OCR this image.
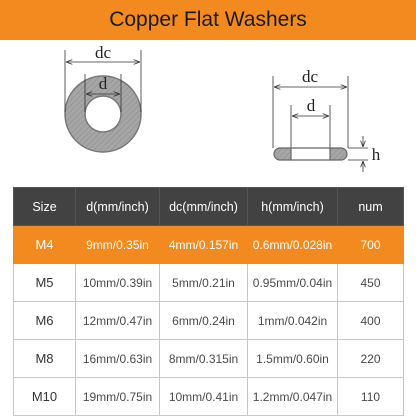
Copper Flat Washers
dc
d	dc
d
h
Size	d(mm/inch)	dc(mm/inch)	h(mm/inch)	num
M4	9mm/0.35in	4mm/0.157in	0.6mm/0.028in	700
M5	10mm/0.39in	5mm/0.21in	0.95mm/0.04in	450
M6	12mm/0.47in	6mm/0.24in	1mm/0.042in	400
M8	16mm/0.63in	8mm/0.315in	1.5mm/0.60in	220
M10	19mm/0.75in	10mm/0.41in	1.2mm/0.047in	110
